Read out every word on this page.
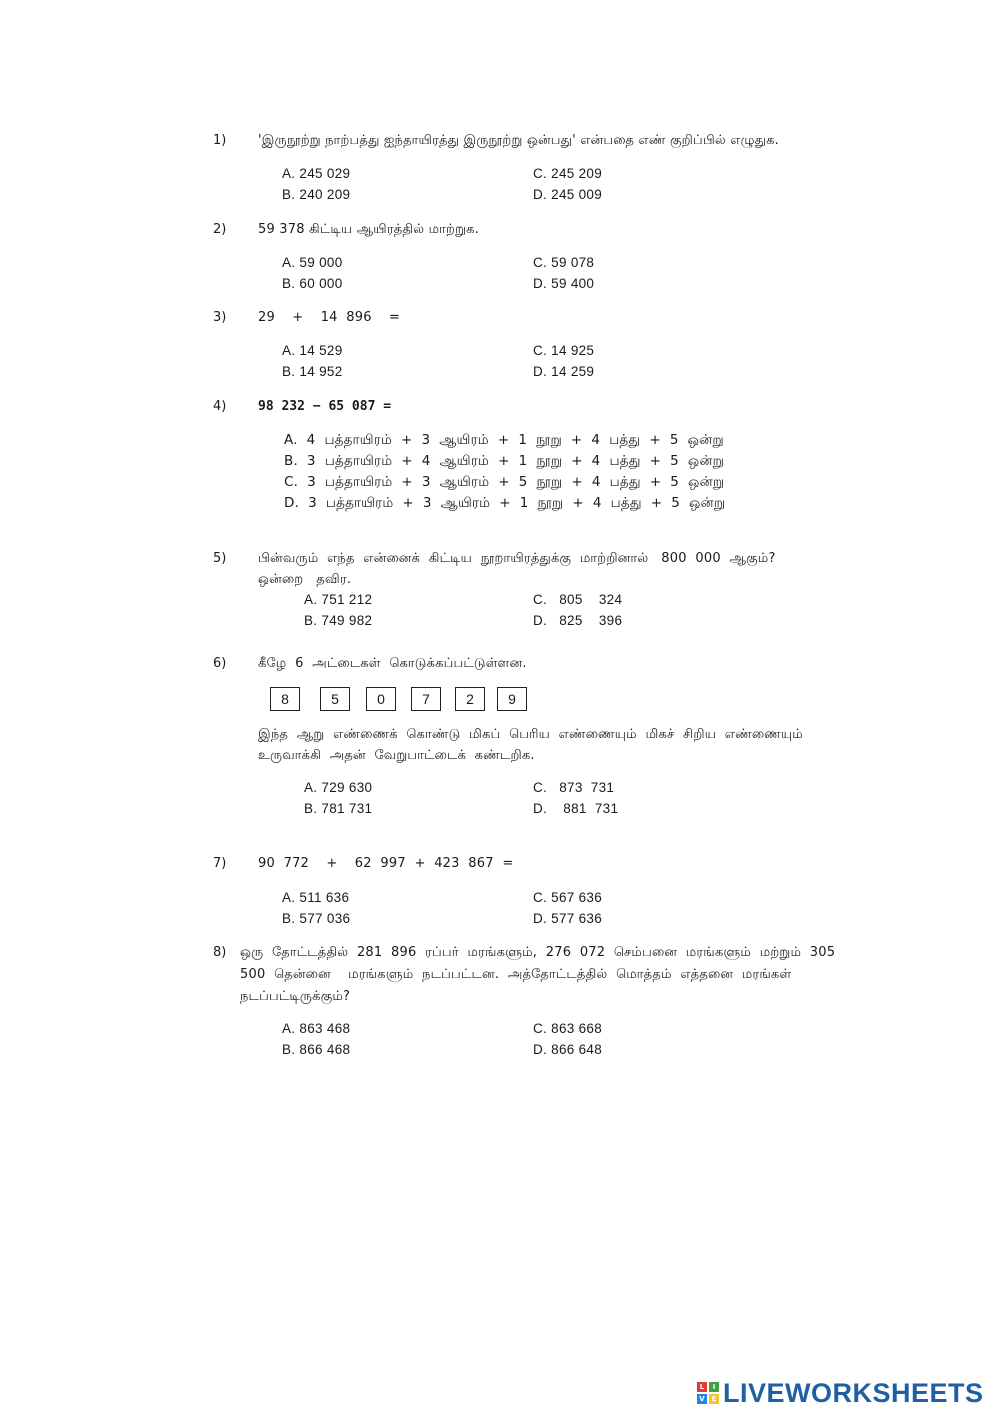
1) 'இருநூற்று நாற்பத்து ஐந்தாயிரத்து இருநூற்று ஒன்பது' என்பதை எண் குறிப்பில் எழுதுக.
A. 245 029	C. 245 209
B. 240 209	D. 245 009
2) 59 378 கிட்டிய ஆயிரத்தில் மாற்றுக.
A. 59 000	C. 59 078
B. 60 000	D. 59 400
3) 29    +    14  896    =
A. 14 529	C. 14 925
B. 14 952	D. 14 259
4) 98 232 − 65 087 =
A.  4  பத்தாயிரம்  +  3  ஆயிரம்  +  1  நூறு  +  4  பத்து  +  5  ஒன்று
B.  3  பத்தாயிரம்  +  4  ஆயிரம்  +  1  நூறு  +  4  பத்து  +  5  ஒன்று
C.  3  பத்தாயிரம்  +  3  ஆயிரம்  +  5  நூறு  +  4  பத்து  +  5  ஒன்று
D.  3  பத்தாயிரம்  +  3  ஆயிரம்  +  1  நூறு  +  4  பத்து  +  5  ஒன்று
5) பின்வரும்  எந்த  என்னைக்  கிட்டிய  நூறாயிரத்துக்கு  மாற்றினால்   800  000  ஆகும்?
ஒன்றை   தவிர.
A. 751 212	C.   805    324
B. 749 982	D.   825    396
6) கீழே  6  அட்டைகள்  கொடுக்கப்பட்டுள்ளன.
8	5	0	7	2	9
இந்த  ஆறு  எண்ணைக்  கொண்டு  மிகப்  பெரிய  எண்ணையும்  மிகச்  சிறிய  எண்ணையும்
உருவாக்கி  அதன்  வேறுபாட்டைக்  கண்டறிக.
A. 729 630	C.   873  731
B. 781 731	D.    881  731
7) 90  772    +    62  997  +  423  867  =
A. 511 636	C. 567 636
B. 577 036	D. 577 636
8) ஒரு  தோட்டத்தில்  281  896  ரப்பர்  மரங்களும்,  276  072  செம்பனை  மரங்களும்  மற்றும்  305
500  தென்னை    மரங்களும்  நடப்பட்டன.  அத்தோட்டத்தில்  மொத்தம்  எத்தனை  மரங்கள்
நடப்பட்டிருக்கும்?
A. 863 468	C. 863 668
B. 866 468	D. 866 648
L	I
V E LIVEWORKSHEETS
